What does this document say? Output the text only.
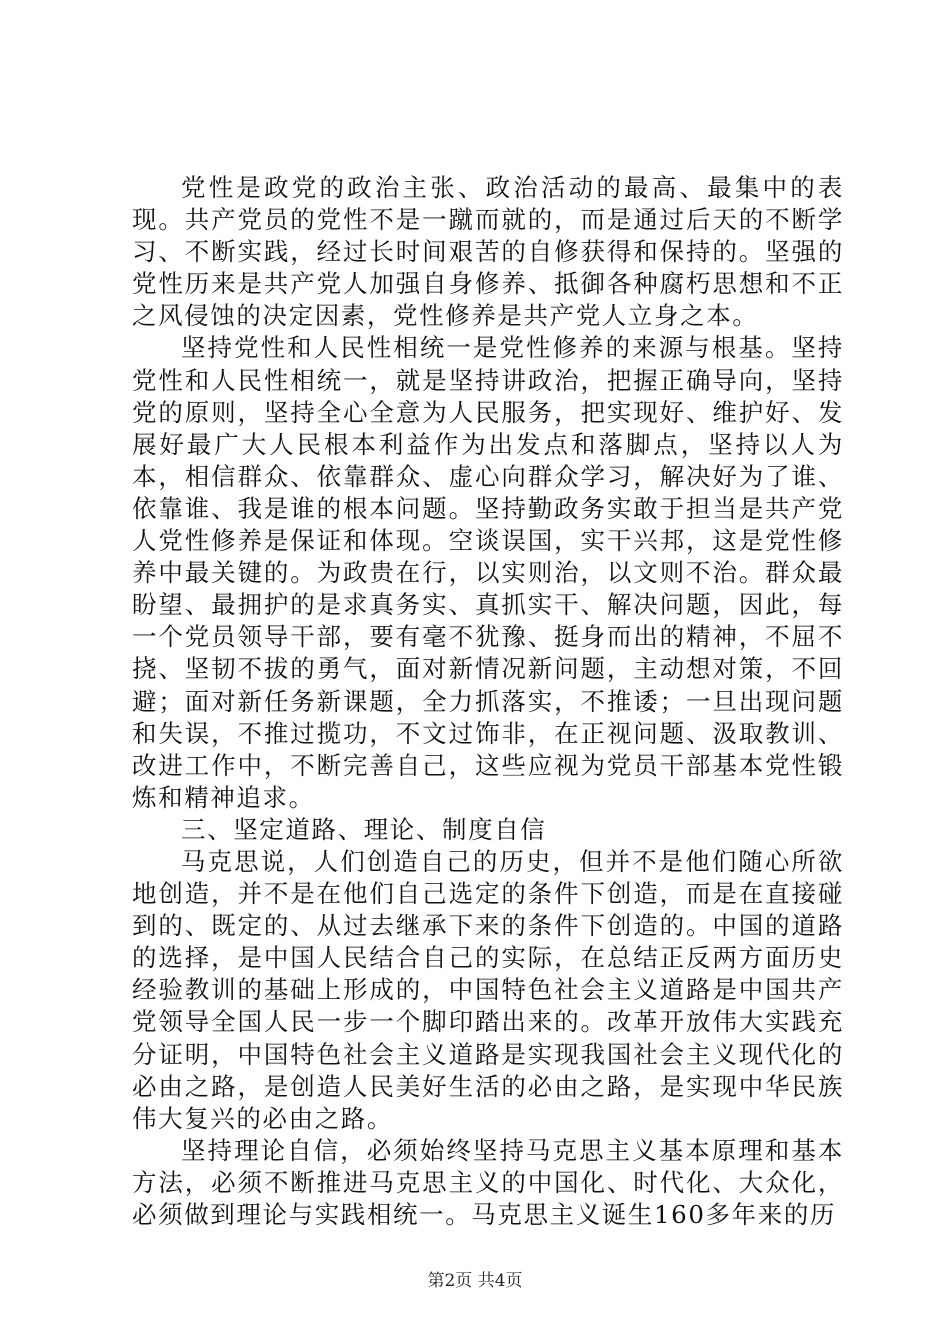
党性是政党的政治主张、政治活动的最高、最集中的表现。共产党员的党性不是一蹴而就的，而是通过后天的不断学习、不断实践，经过长时间艰苦的自修获得和保持的。坚强的党性历来是共产党人加强自身修养、抵御各种腐朽思想和不正之风侵蚀的决定因素，党性修养是共产党人立身之本。

坚持党性和人民性相统一是党性修养的来源与根基。坚持党性和人民性相统一，就是坚持讲政治，把握正确导向，坚持党的原则，坚持全心全意为人民服务，把实现好、维护好、发展好最广大人民根本利益作为出发点和落脚点，坚持以人为本，相信群众、依靠群众、虚心向群众学习，解决好为了谁、依靠谁、我是谁的根本问题。坚持勤政务实敢于担当是共产党人党性修养是保证和体现。空谈误国，实干兴邦，这是党性修养中最关键的。为政贵在行，以实则治，以文则不治。群众最盼望、最拥护的是求真务实、真抓实干、解决问题，因此，每一个党员领导干部，要有毫不犹豫、挺身而出的精神，不屈不挠、坚韧不拔的勇气，面对新情况新问题，主动想对策，不回避；面对新任务新课题，全力抓落实，不推诿；一旦出现问题和失误，不推过揽功，不文过饰非，在正视问题、汲取教训、改进工作中，不断完善自己，这些应视为党员干部基本党性锻炼和精神追求。

三、坚定道路、理论、制度自信

马克思说，人们创造自己的历史，但并不是他们随心所欲地创造，并不是在他们自己选定的条件下创造，而是在直接碰到的、既定的、从过去继承下来的条件下创造的。中国的道路的选择，是中国人民结合自己的实际，在总结正反两方面历史经验教训的基础上形成的，中国特色社会主义道路是中国共产党领导全国人民一步一个脚印踏出来的。改革开放伟大实践充分证明，中国特色社会主义道路是实现我国社会主义现代化的必由之路，是创造人民美好生活的必由之路，是实现中华民族伟大复兴的必由之路。

坚持理论自信，必须始终坚持马克思主义基本原理和基本方法，必须不断推进马克思主义的中国化、时代化、大众化，必须做到理论与实践相统一。马克思主义诞生160多年来的历

第2页 共4页
